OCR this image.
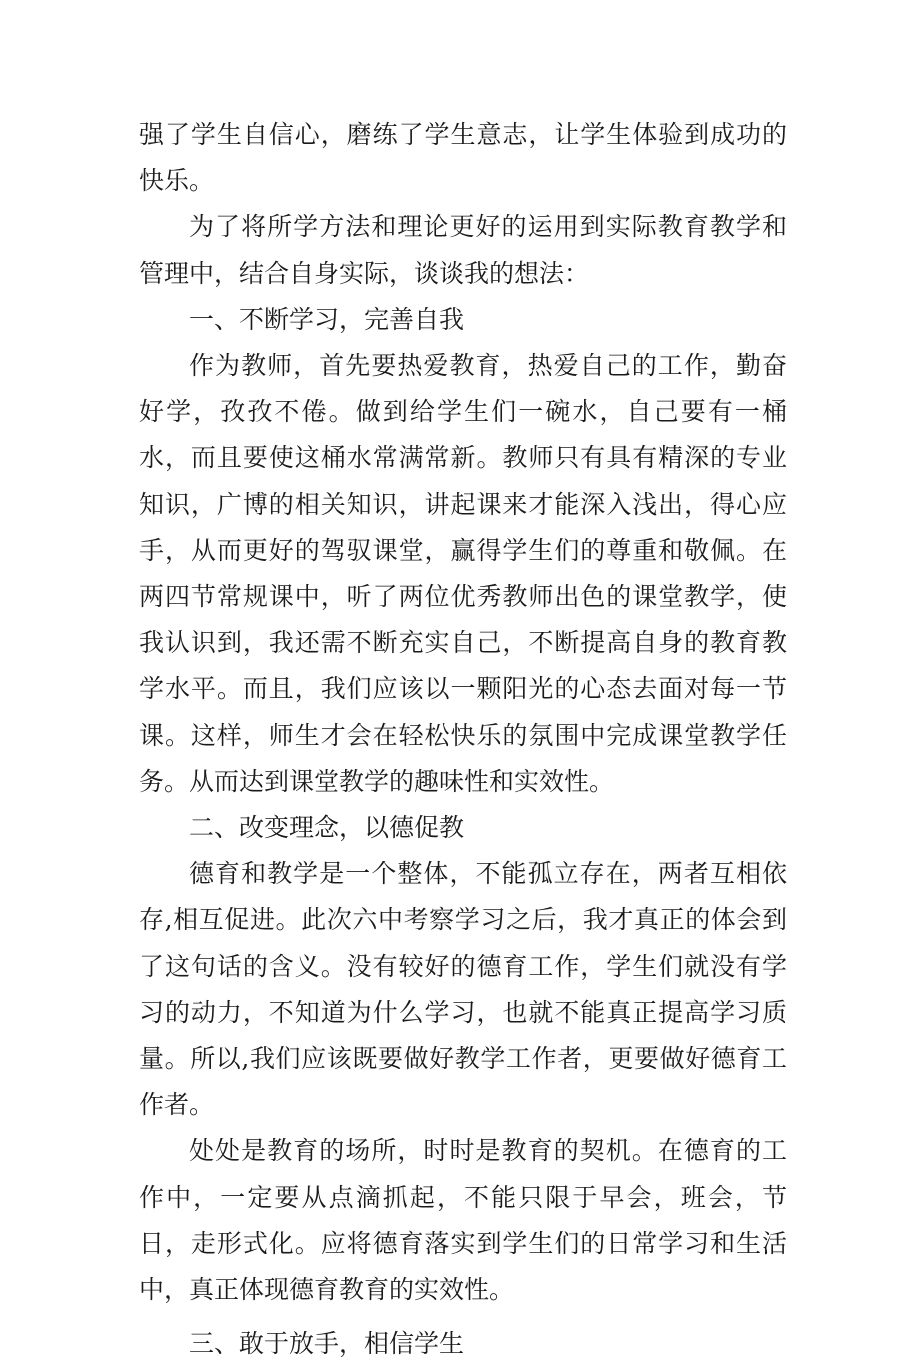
强了学生自信心，磨练了学生意志，让学生体验到成功的快乐。

为了将所学方法和理论更好的运用到实际教育教学和管理中，结合自身实际，谈谈我的想法：

一、不断学习，完善自我

作为教师，首先要热爱教育，热爱自己的工作，勤奋好学，孜孜不倦。做到给学生们一碗水，自己要有一桶水，而且要使这桶水常满常新。教师只有具有精深的专业知识，广博的相关知识，讲起课来才能深入浅出，得心应手，从而更好的驾驭课堂，赢得学生们的尊重和敬佩。在两四节常规课中，听了两位优秀教师出色的课堂教学，使我认识到，我还需不断充实自己，不断提高自身的教育教学水平。而且，我们应该以一颗阳光的心态去面对每一节课。这样，师生才会在轻松快乐的氛围中完成课堂教学任务。从而达到课堂教学的趣味性和实效性。

二、改变理念，以德促教

德育和教学是一个整体，不能孤立存在，两者互相依存,相互促进。此次六中考察学习之后，我才真正的体会到了这句话的含义。没有较好的德育工作，学生们就没有学习的动力，不知道为什么学习，也就不能真正提高学习质量。所以,我们应该既要做好教学工作者，更要做好德育工作者。

处处是教育的场所，时时是教育的契机。在德育的工作中，一定要从点滴抓起，不能只限于早会，班会，节日，走形式化。应将德育落实到学生们的日常学习和生活中，真正体现德育教育的实效性。

三、敢于放手，相信学生
